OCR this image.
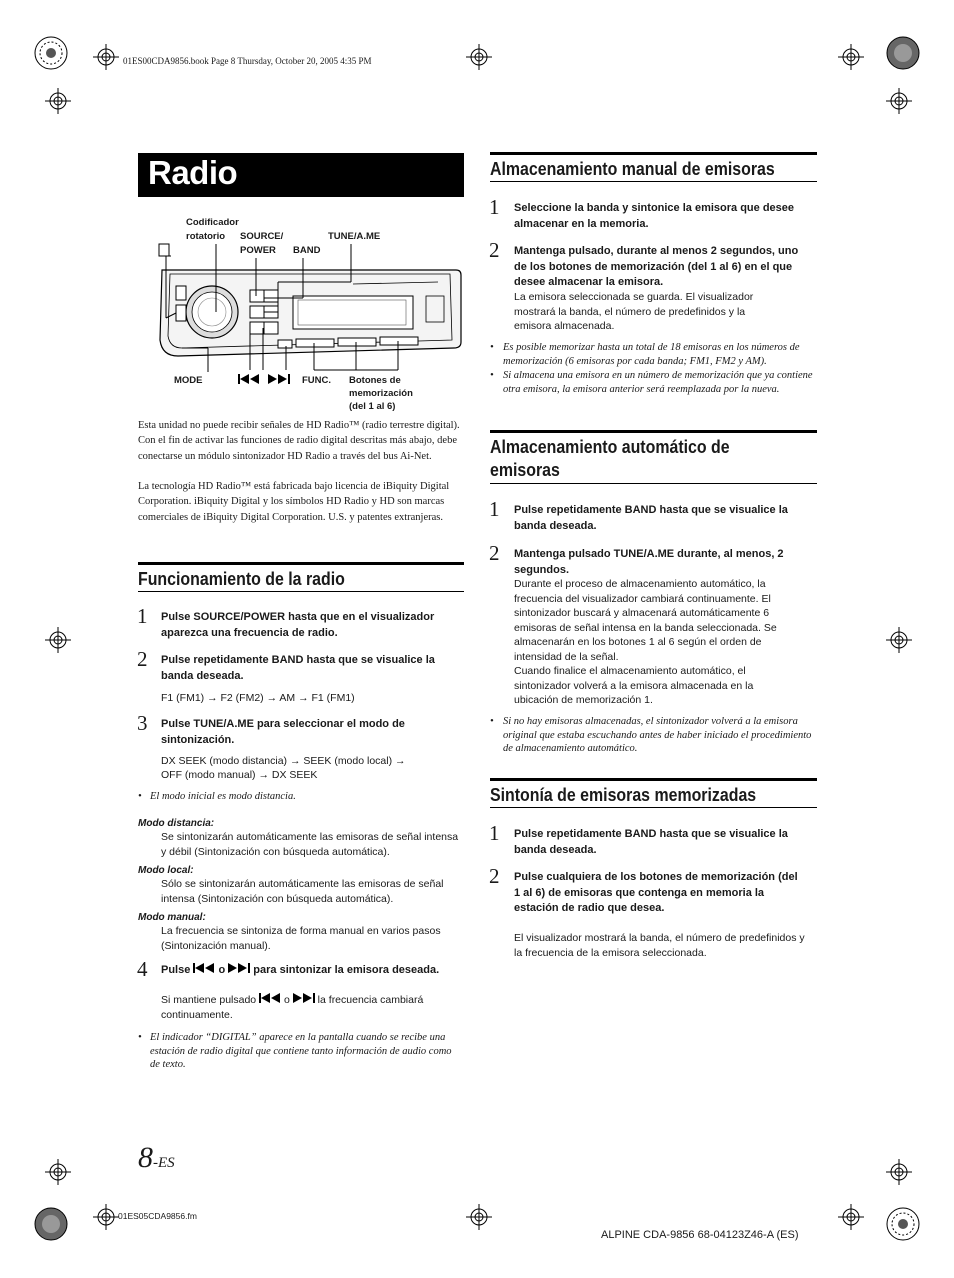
01ES00CDA9856.book Page 8 Thursday, October 20, 2005 4:35 PM
Radio
Codificador
rotatorio SOURCE/
POWER BAND
TUNE/A.ME
MODE	FUNC. Botones de
memorización
(del 1 al 6)
Esta unidad no puede recibir señales de HD Radio™ (radio terrestre digital). Con el fin de activar las funciones de radio digital descritas más abajo, debe conectarse un módulo sintonizador HD Radio a través del bus Ai-Net.
La tecnología HD Radio™ está fabricada bajo licencia de iBiquity Digital Corporation. iBiquity Digital y los símbolos HD Radio y HD son marcas comerciales de iBiquity Digital Corporation. U.S. y patentes extranjeras.
Funcionamiento de la radio
1 Pulse SOURCE/POWER hasta que en el visualizador aparezca una frecuencia de radio.
2 Pulse repetidamente BAND hasta que se visualice la banda deseada.
F1 (FM1) → F2 (FM2) → AM → F1 (FM1)
3 Pulse TUNE/A.ME para seleccionar el modo de sintonización.
DX SEEK (modo distancia) → SEEK (modo local) →
OFF (modo manual) → DX SEEK
• El modo inicial es modo distancia.
Modo distancia:
Se sintonizarán automáticamente las emisoras de señal intensa y débil (Sintonización con búsqueda automática).
Modo local:
Sólo se sintonizarán automáticamente las emisoras de señal intensa (Sintonización con búsqueda automática).
Modo manual:
La frecuencia se sintoniza de forma manual en varios pasos (Sintonización manual).
4 Pulse  o  para sintonizar la emisora deseada.
Si mantiene pulsado  o  la frecuencia cambiará continuamente.
• El indicador “DIGITAL” aparece en la pantalla cuando se recibe una estación de radio digital que contiene tanto información de audio como de texto.
Almacenamiento manual de emisoras
1 Seleccione la banda y sintonice la emisora que desee almacenar en la memoria.
2 Mantenga pulsado, durante al menos 2 segundos, uno de los botones de memorización (del 1 al 6) en el que desee almacenar la emisora.
La emisora seleccionada se guarda. El visualizador mostrará la banda, el número de predefinidos y la emisora almacenada.
• Es posible memorizar hasta un total de 18 emisoras en los números de memorización (6 emisoras por cada banda; FM1, FM2 y AM).
• Si almacena una emisora en un número de memorización que ya contiene otra emisora, la emisora anterior será reemplazada por la nueva.
Almacenamiento automático de
emisoras
1 Pulse repetidamente BAND hasta que se visualice la banda deseada.
2 Mantenga pulsado TUNE/A.ME durante, al menos, 2 segundos.
Durante el proceso de almacenamiento automático, la frecuencia del visualizador cambiará continuamente. El sintonizador buscará y almacenará automáticamente 6 emisoras de señal intensa en la banda seleccionada. Se almacenarán en los botones 1 al 6 según el orden de intensidad de la señal.
Cuando finalice el almacenamiento automático, el sintonizador volverá a la emisora almacenada en la ubicación de memorización 1.
• Si no hay emisoras almacenadas, el sintonizador volverá a la emisora original que estaba escuchando antes de haber iniciado el procedimiento de almacenamiento automático.
Sintonía de emisoras memorizadas
1 Pulse repetidamente BAND hasta que se visualice la banda deseada.
2 Pulse cualquiera de los botones de memorización (del 1 al 6) de emisoras que contenga en memoria la estación de radio que desea.
El visualizador mostrará la banda, el número de predefinidos y la frecuencia de la emisora seleccionada.
8-ES
01ES05CDA9856.fm
ALPINE CDA-9856 68-04123Z46-A (ES)
